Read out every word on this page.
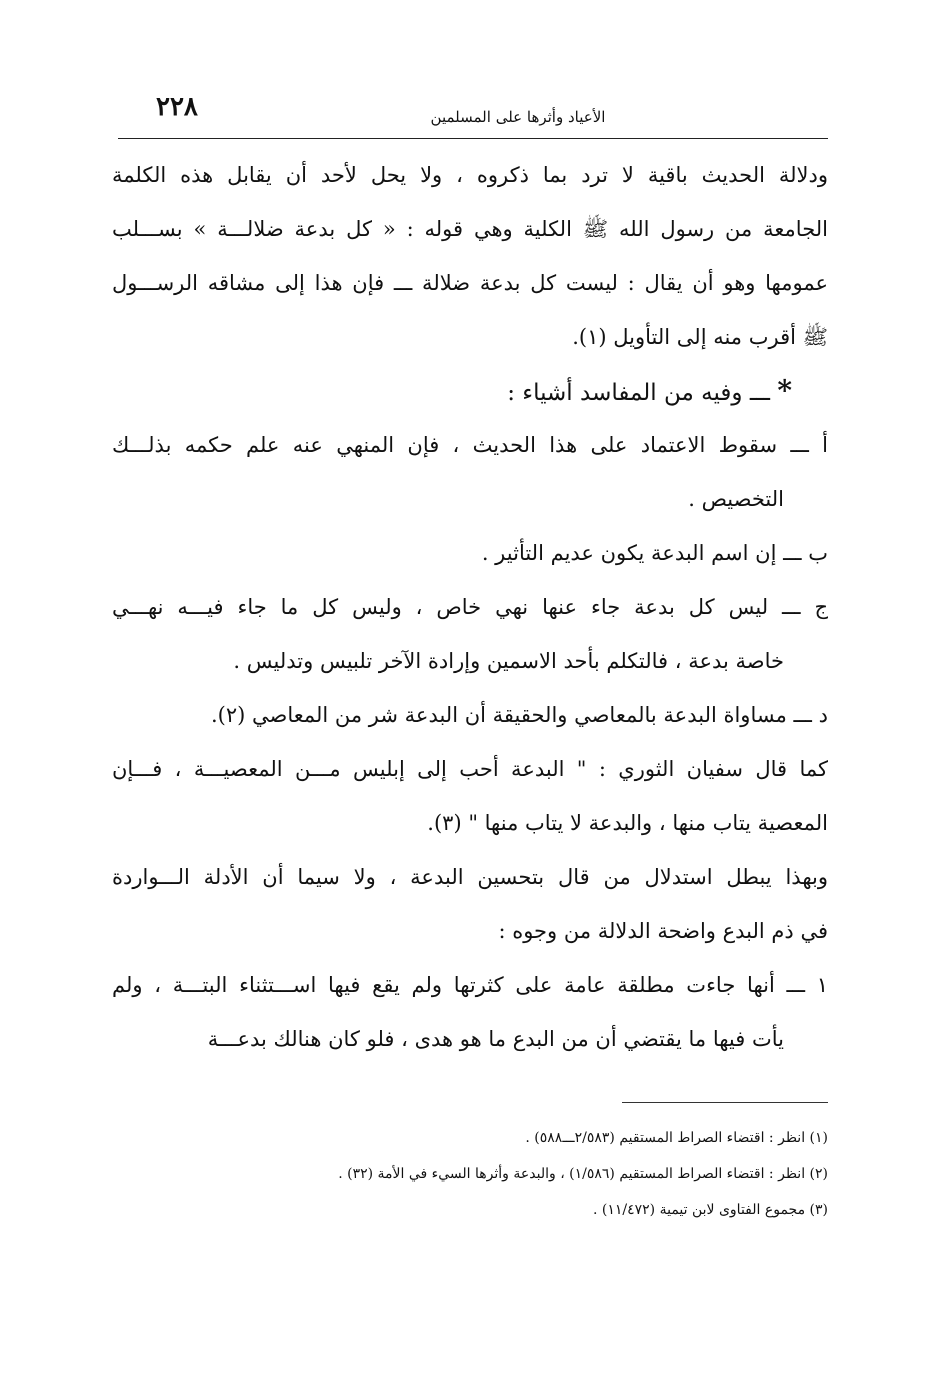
٢٢٨	الأعياد وأثرها على المسلمين
ودلالة الحديث باقية لا ترد بما ذكروه ، ولا يحل لأحد أن يقابل هذه الكلمة
الجامعة من رسول الله ﷺ الكلية وهي قوله : « كل بدعة ضلالـــة » بســـلب
عمومها وهو أن يقال : ليست كل بدعة ضلالة ـــ فإن هذا إلى مشاقه الرســـول
ﷺ أقرب منه إلى التأويل (١).
* ـــ وفيه من المفاسد أشياء :
أ ـــ سقوط الاعتماد على هذا الحديث ، فإن المنهي عنه علم حكمه بذلـــك
التخصيص .
ب ـــ إن اسم البدعة يكون عديم التأثير .
ج ـــ ليس كل بدعة جاء عنها نهي خاص ، وليس كل ما جاء فيـــه نهـــي
خاصة بدعة ، فالتكلم بأحد الاسمين وإرادة الآخر تلبيس وتدليس .
د ـــ مساواة البدعة بالمعاصي والحقيقة أن البدعة شر من المعاصي (٢).
كما قال سفيان الثوري : " البدعة أحب إلى إبليس مـــن المعصيـــة ، فـــإن
المعصية يتاب منها ، والبدعة لا يتاب منها " (٣).
وبهذا يبطل استدلال من قال بتحسين البدعة ، ولا سيما أن الأدلة الـــواردة
في ذم البدع واضحة الدلالة من وجوه :
١ ـــ أنها جاءت مطلقة عامة على كثرتها ولم يقع فيها اســـتثناء البتـــة ، ولم
يأت فيها ما يقتضي أن من البدع ما هو هدى ، فلو كان هنالك بدعـــة
(١) انظر : اقتضاء الصراط المستقيم (٢/٥٨٣ـــ٥٨٨) .
(٢) انظر : اقتضاء الصراط المستقيم (١/٥٨٦) ، والبدعة وأثرها السيء في الأمة (٣٢) .
(٣) مجموع الفتاوى لابن تيمية (١١/٤٧٢) .
